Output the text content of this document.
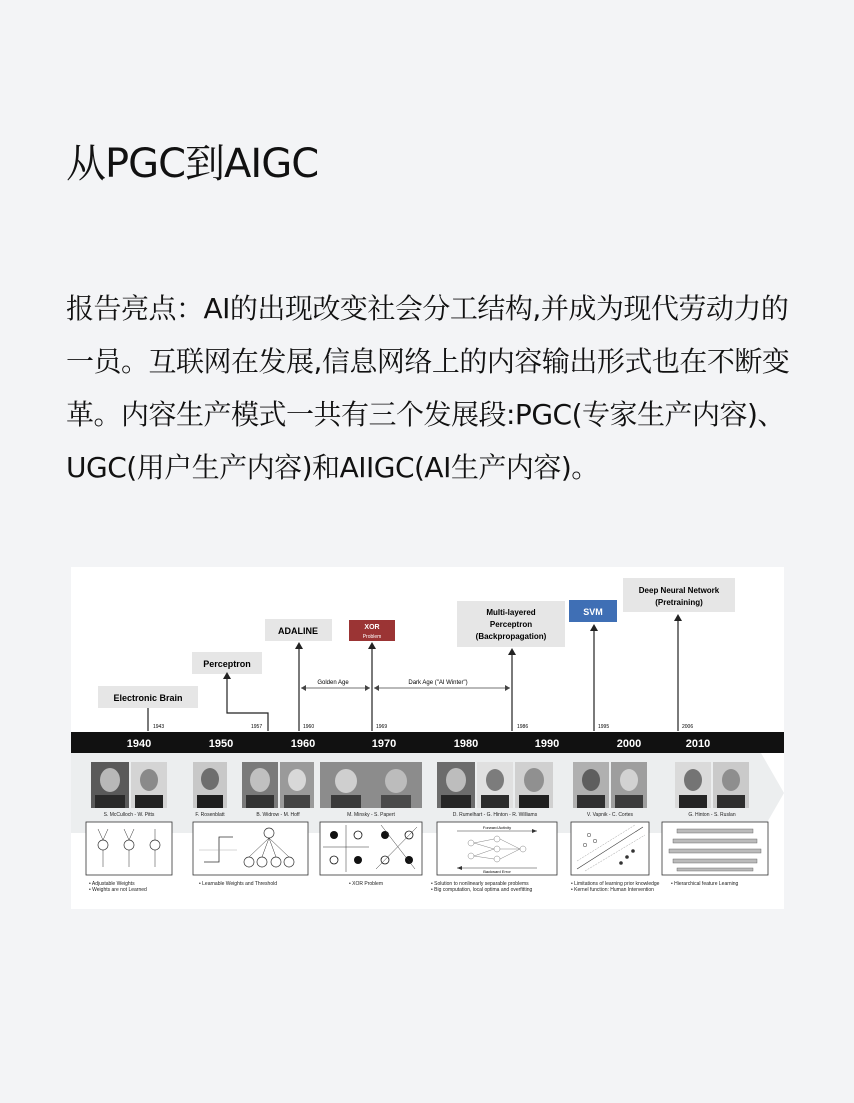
从PGC到AIGC

报告亮点：AI的出现改变社会分工结构,并成为现代劳动力的一员。互联网在发展,信息网络上的内容输出形式也在不断变革。内容生产模式一共有三个发展段:PGC(专家生产内容)、UGC(用户生产内容)和AIIGC(AI生产内容)。

Electronic Brain
1943
Perceptron
1957
ADALINE
1960
XOR
Problem
1969
Multi-layered
Perceptron
(Backpropagation)
1986
SVM
1995
Deep Neural Network
(Pretraining)
2006
Golden Age	Dark Age ("AI Winter")
1940	1950	1960	1970	1980	1990	2000	2010
S. McCulloch - W. Pitts	F. Rosenblatt	B. Widrow - M. Hoff	M. Minsky - S. Papert	D. Rumelhart - G. Hinton - R. Williams	V. Vapnik - C. Cortes	G. Hinton - S. Ruslan
Forward Activity
Backward Error
• Adjustable Weights
• Weights are not Learned
• Learnable Weights and Threshold	• XOR Problem	• Solution to nonlinearly separable problems
• Big computation, local optima and overfitting
• Limitations of learning prior knowledge
• Kernel function: Human Intervention
• Hierarchical feature Learning
